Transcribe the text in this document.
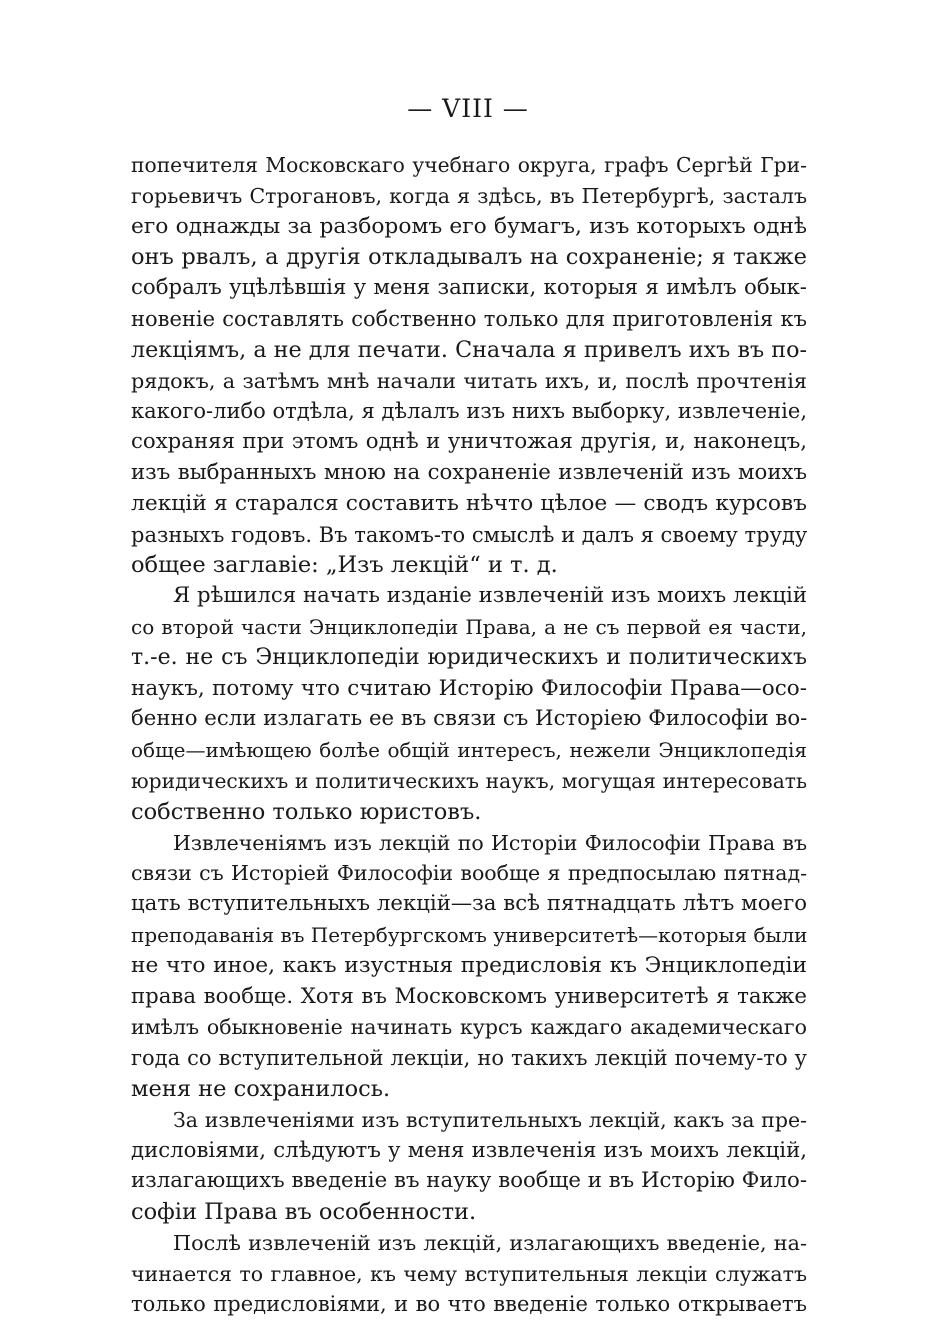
— VIII —
попечителя Московскаго учебнаго округа, графъ Сергѣй Гри-
горьевичъ Строгановъ, когда я здѣсь, въ Петербургѣ, засталъ
его однажды за разборомъ его бумагъ, изъ которыхъ однѣ
онъ рвалъ, а другія откладывалъ на сохраненіе; я также
собралъ уцѣлѣвшія у меня записки, которыя я имѣлъ обык-
новеніе составлять собственно только для приготовленія къ
лекціямъ, а не для печати. Сначала я привелъ ихъ въ по-
рядокъ, а затѣмъ мнѣ начали читать ихъ, и, послѣ прочтенія
какого-либо отдѣла, я дѣлалъ изъ нихъ выборку, извлеченіе,
сохраняя при этомъ однѣ и уничтожая другія, и, наконецъ,
изъ выбранныхъ мною на сохраненіе извлеченій изъ моихъ
лекцій я старался составить нѣчто цѣлое — сводъ курсовъ
разныхъ годовъ. Въ такомъ-то смыслѣ и далъ я своему труду
общее заглавіе: „Изъ лекцій“ и т. д.
Я рѣшился начать изданіе извлеченій изъ моихъ лекцій
со второй части Энциклопедіи Права, а не съ первой ея части,
т.-е. не съ Энциклопедіи юридическихъ и политическихъ
наукъ, потому что считаю Исторію Философіи Права—осо-
бенно если излагать ее въ связи съ Исторіею Философіи во-
обще—имѣющею болѣе общій интересъ, нежели Энциклопедія
юридическихъ и политическихъ наукъ, могущая интересовать
собственно только юристовъ.
Извлеченіямъ изъ лекцій по Исторіи Философіи Права въ
связи съ Исторіей Философіи вообще я предпосылаю пятнад-
цать вступительныхъ лекцій—за всѣ пятнадцать лѣтъ моего
преподаванія въ Петербургскомъ университетѣ—которыя были
не что иное, какъ изустныя предисловія къ Энциклопедіи
права вообще. Хотя въ Московскомъ университетѣ я также
имѣлъ обыкновеніе начинать курсъ каждаго академическаго
года со вступительной лекціи, но такихъ лекцій почему-то у
меня не сохранилось.
За извлеченіями изъ вступительныхъ лекцій, какъ за пре-
дисловіями, слѣдуютъ у меня извлеченія изъ моихъ лекцій,
излагающихъ введеніе въ науку вообще и въ Исторію Фило-
софіи Права въ особенности.
Послѣ извлеченій изъ лекцій, излагающихъ введеніе, на-
чинается то главное, къ чему вступительныя лекціи служатъ
только предисловіями, и во что введеніе только открываетъ
